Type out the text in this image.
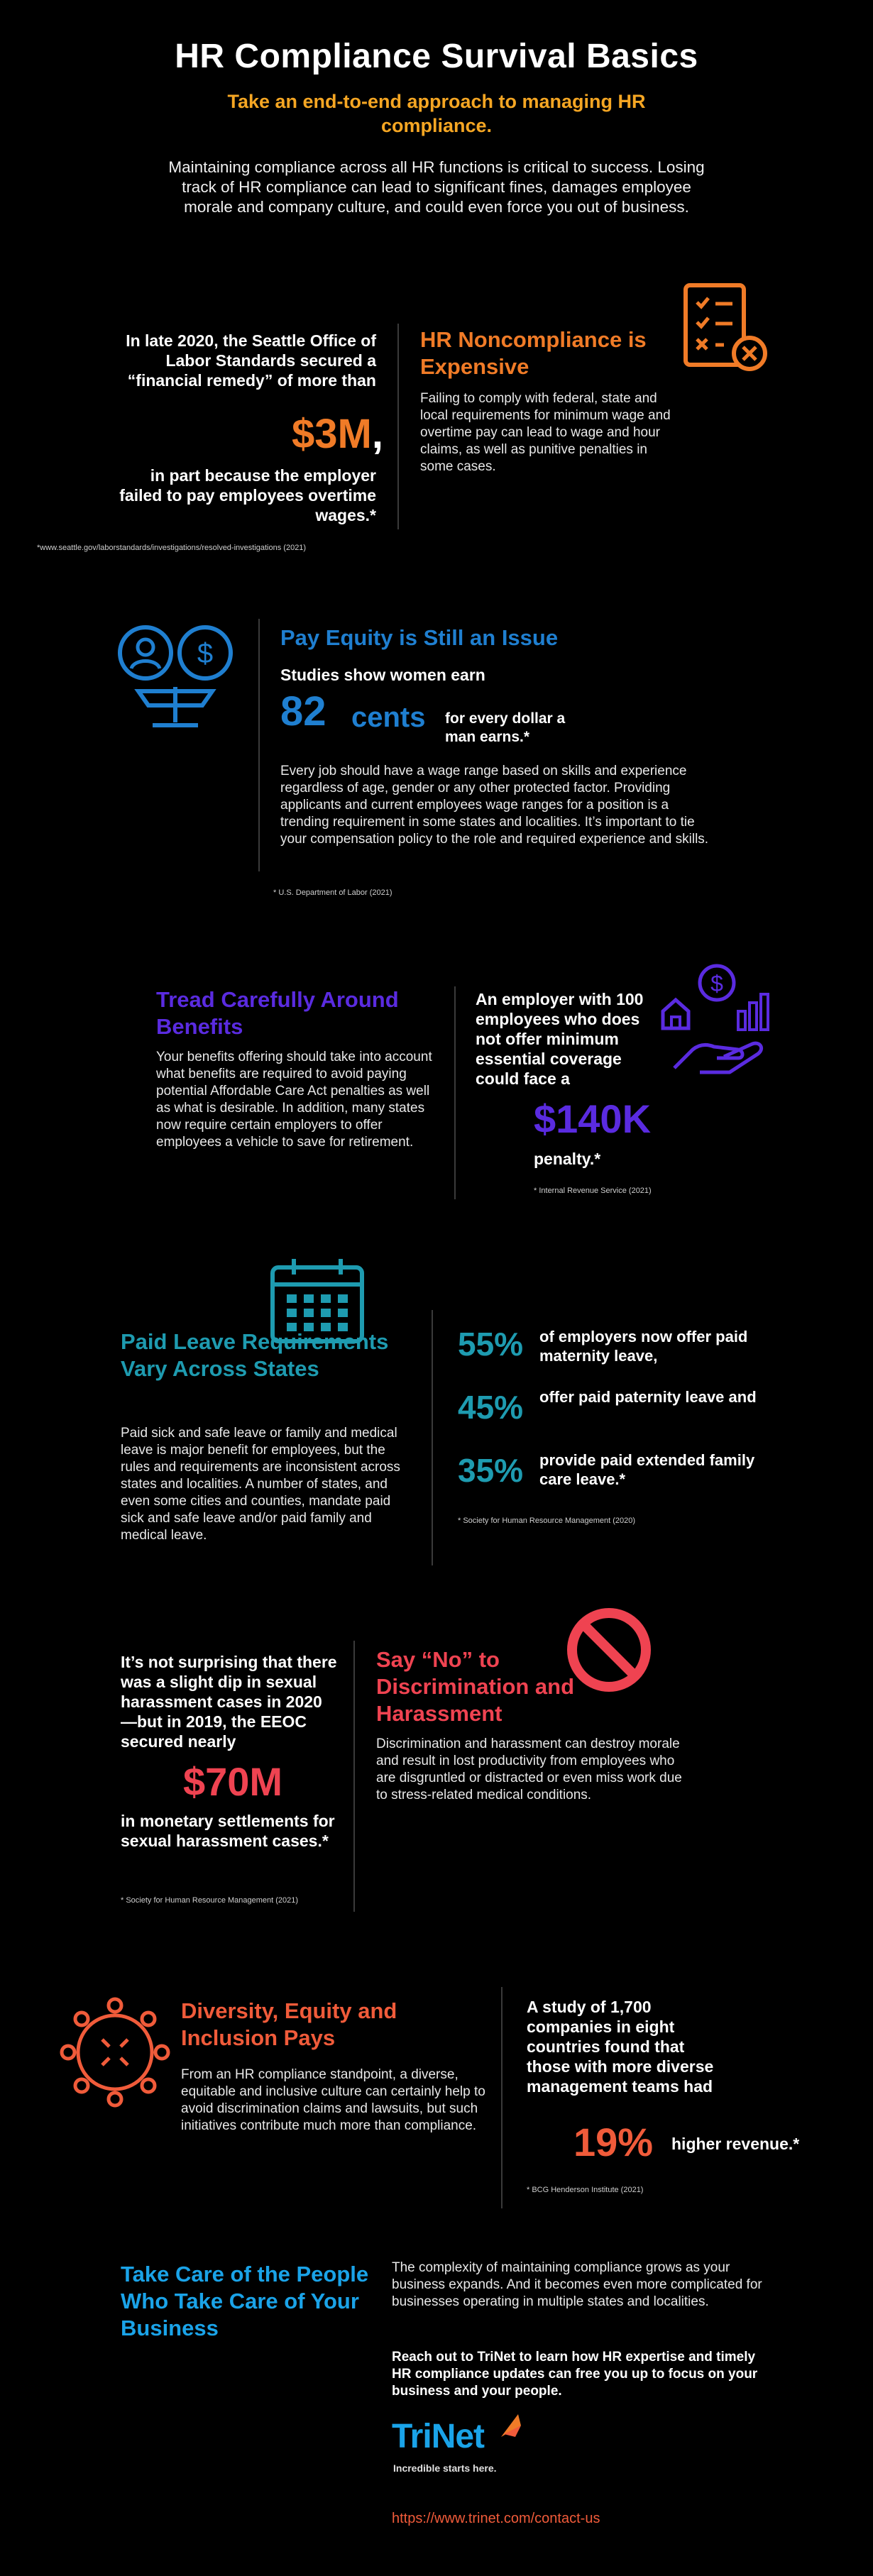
HR Compliance Survival Basics
Take an end-to-end approach to managing HR compliance.
Maintaining compliance across all HR functions is critical to success. Losing track of HR compliance can lead to significant fines, damages employee morale and company culture, and could even force you out of business.
In late 2020, the Seattle Office of Labor Standards secured a “financial remedy” of more than
$3M,
in part because the employer failed to pay employees overtime wages.*
*www.seattle.gov/laborstandards/investigations/resolved-investigations (2021)
HR Noncompliance is Expensive
Failing to comply with federal, state and local requirements for minimum wage and overtime pay can lead to wage and hour claims, as well as punitive penalties in some cases.
$
Pay Equity is Still an Issue
Studies show women earn
82 cents for every dollar a man earns.*
Every job should have a wage range based on skills and experience regardless of age, gender or any other protected factor. Providing applicants and current employees wage ranges for a position is a trending requirement in some states and localities. It’s important to tie your compensation policy to the role and required experience and skills.
* U.S. Department of Labor (2021)
Tread Carefully Around Benefits
Your benefits offering should take into account what benefits are required to avoid paying potential Affordable Care Act penalties as well as what is desirable. In addition, many states now require certain employers to offer employees a vehicle to save for retirement.
An employer with 100 employees who does not offer minimum essential coverage could face a
$140K
penalty.*
* Internal Revenue Service (2021)
$
Paid Leave Requirements Vary Across States
Paid sick and safe leave or family and medical leave is major benefit for employees, but the rules and requirements are inconsistent across states and localities. A number of states, and even some cities and counties, mandate paid sick and safe leave and/or paid family and medical leave.
55% of employers now offer paid maternity leave,
45% offer paid paternity leave and
35% provide paid extended family care leave.*
* Society for Human Resource Management (2020)
It’s not surprising that there was a slight dip in sexual harassment cases in 2020—but in 2019, the EEOC secured nearly
$70M
in monetary settlements for sexual harassment cases.*
* Society for Human Resource Management (2021)
Say “No” to Discrimination and Harassment
Discrimination and harassment can destroy morale and result in lost productivity from employees who are disgruntled or distracted or even miss work due to stress-related medical conditions.
Diversity, Equity and Inclusion Pays
From an HR compliance standpoint, a diverse, equitable and inclusive culture can certainly help to avoid discrimination claims and lawsuits, but such initiatives contribute much more than compliance.
A study of 1,700 companies in eight countries found that those with more diverse management teams had
19% higher revenue.*
* BCG Henderson Institute (2021)
Take Care of the People Who Take Care of Your Business
The complexity of maintaining compliance grows as your business expands. And it becomes even more complicated for businesses operating in multiple states and localities.
Reach out to TriNet to learn how HR expertise and timely HR compliance updates can free you up to focus on your business and your people.
TriNet
Incredible starts here.
https://www.trinet.com/contact-us
